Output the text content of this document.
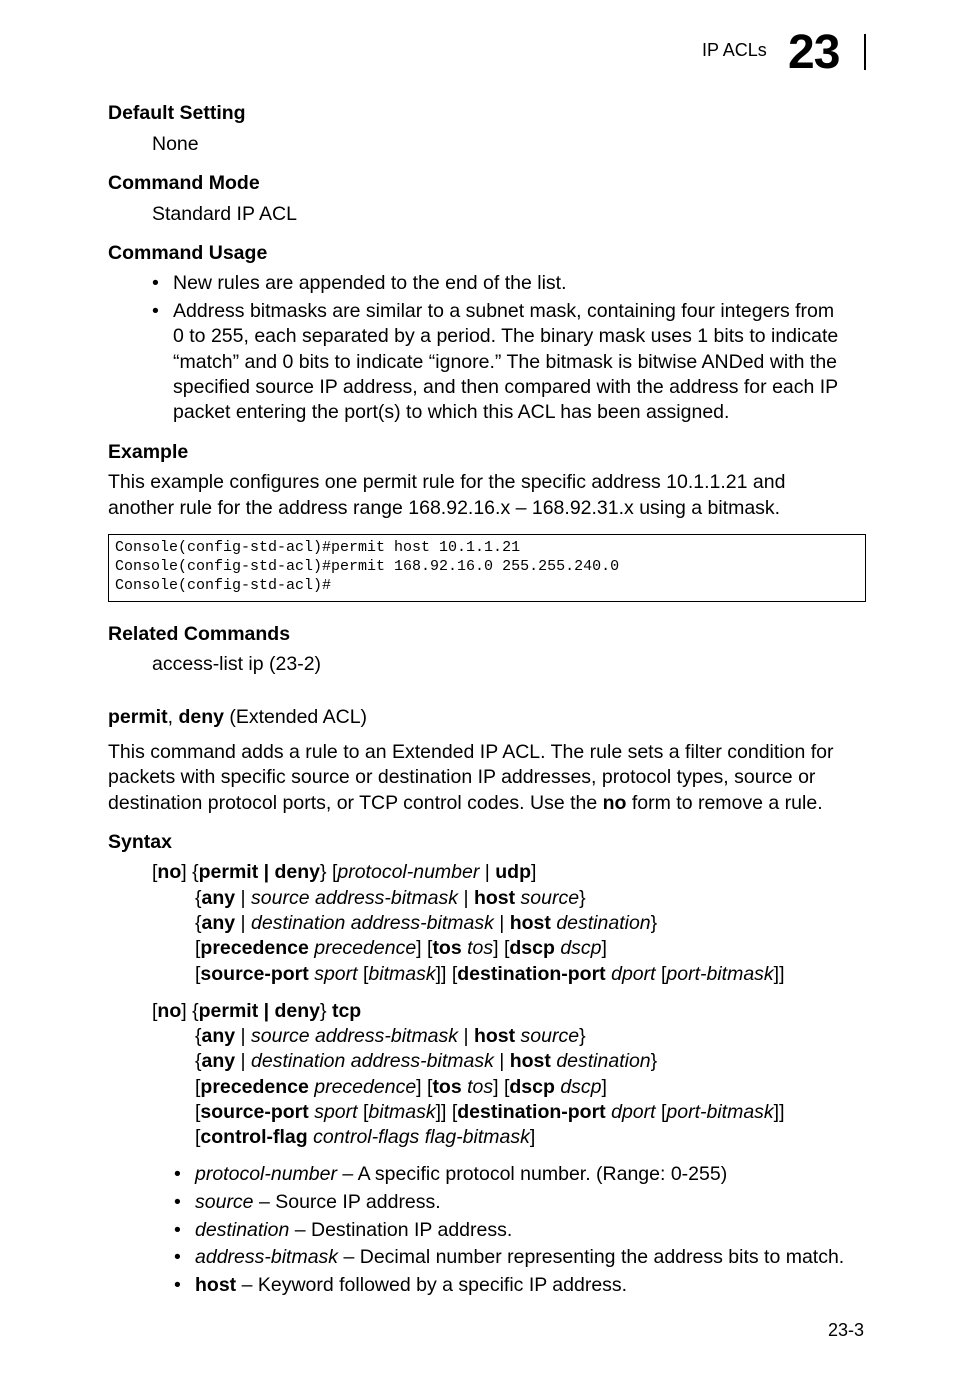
IP ACLs 23
Default Setting
None
Command Mode
Standard IP ACL
Command Usage
• New rules are appended to the end of the list.
• Address bitmasks are similar to a subnet mask, containing four integers from
0 to 255, each separated by a period. The binary mask uses 1 bits to indicate
“match” and 0 bits to indicate “ignore.” The bitmask is bitwise ANDed with the
specified source IP address, and then compared with the address for each IP
packet entering the port(s) to which this ACL has been assigned.
Example
This example configures one permit rule for the specific address 10.1.1.21 and
another rule for the address range 168.92.16.x – 168.92.31.x using a bitmask.
Console(config-std-acl)#permit host 10.1.1.21
Console(config-std-acl)#permit 168.92.16.0 255.255.240.0
Console(config-std-acl)#
Related Commands
access-list ip (23-2)
permit, deny (Extended ACL)
This command adds a rule to an Extended IP ACL. The rule sets a filter condition for
packets with specific source or destination IP addresses, protocol types, source or
destination protocol ports, or TCP control codes. Use the no form to remove a rule.
Syntax
[no] {permit | deny} [protocol-number | udp]
{any | source address-bitmask | host source}
{any | destination address-bitmask | host destination}
[precedence precedence] [tos tos] [dscp dscp]
[source-port sport [bitmask]] [destination-port dport [port-bitmask]]
[no] {permit | deny} tcp
{any | source address-bitmask | host source}
{any | destination address-bitmask | host destination}
[precedence precedence] [tos tos] [dscp dscp]
[source-port sport [bitmask]] [destination-port dport [port-bitmask]]
[control-flag control-flags flag-bitmask]
• protocol-number – A specific protocol number. (Range: 0-255)
• source – Source IP address.
• destination – Destination IP address.
• address-bitmask – Decimal number representing the address bits to match.
• host – Keyword followed by a specific IP address.
23-3
